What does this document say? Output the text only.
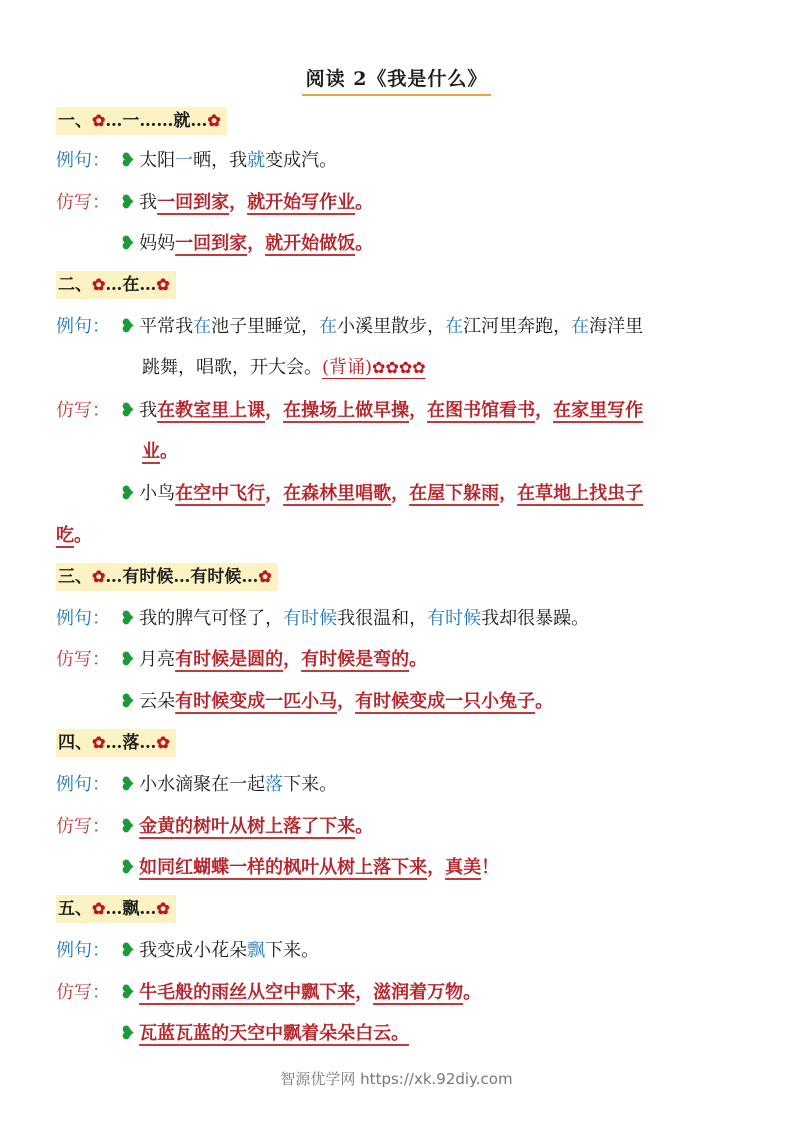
阅读 2《我是什么》
一、✿…一……就…✿
例句： ❥ 太阳一晒，我就变成汽。
仿写： ❥ 我一回到家，就开始写作业。
❥ 妈妈一回到家，就开始做饭。
二、✿…在…✿
例句： ❥ 平常我在池子里睡觉，在小溪里散步，在江河里奔跑，在海洋里
跳舞，唱歌，开大会。(背诵)✿✿✿✿
仿写： ❥ 我在教室里上课，在操场上做早操，在图书馆看书，在家里写作
业。
❥ 小鸟在空中飞行，在森林里唱歌，在屋下躲雨，在草地上找虫子
吃。
三、✿…有时候…有时候…✿
例句： ❥ 我的脾气可怪了，有时候我很温和，有时候我却很暴躁。
仿写： ❥ 月亮有时候是圆的，有时候是弯的。
❥ 云朵有时候变成一匹小马，有时候变成一只小兔子。
四、✿…落…✿
例句： ❥ 小水滴聚在一起落下来。
仿写： ❥ 金黄的树叶从树上落了下来。
❥ 如同红蝴蝶一样的枫叶从树上落下来，真美！
五、✿…飘…✿
例句： ❥ 我变成小花朵飘下来。
仿写： ❥ 牛毛般的雨丝从空中飘下来，滋润着万物。
❥ 瓦蓝瓦蓝的天空中飘着朵朵白云。
智源优学网 https://xk.92diy.com
